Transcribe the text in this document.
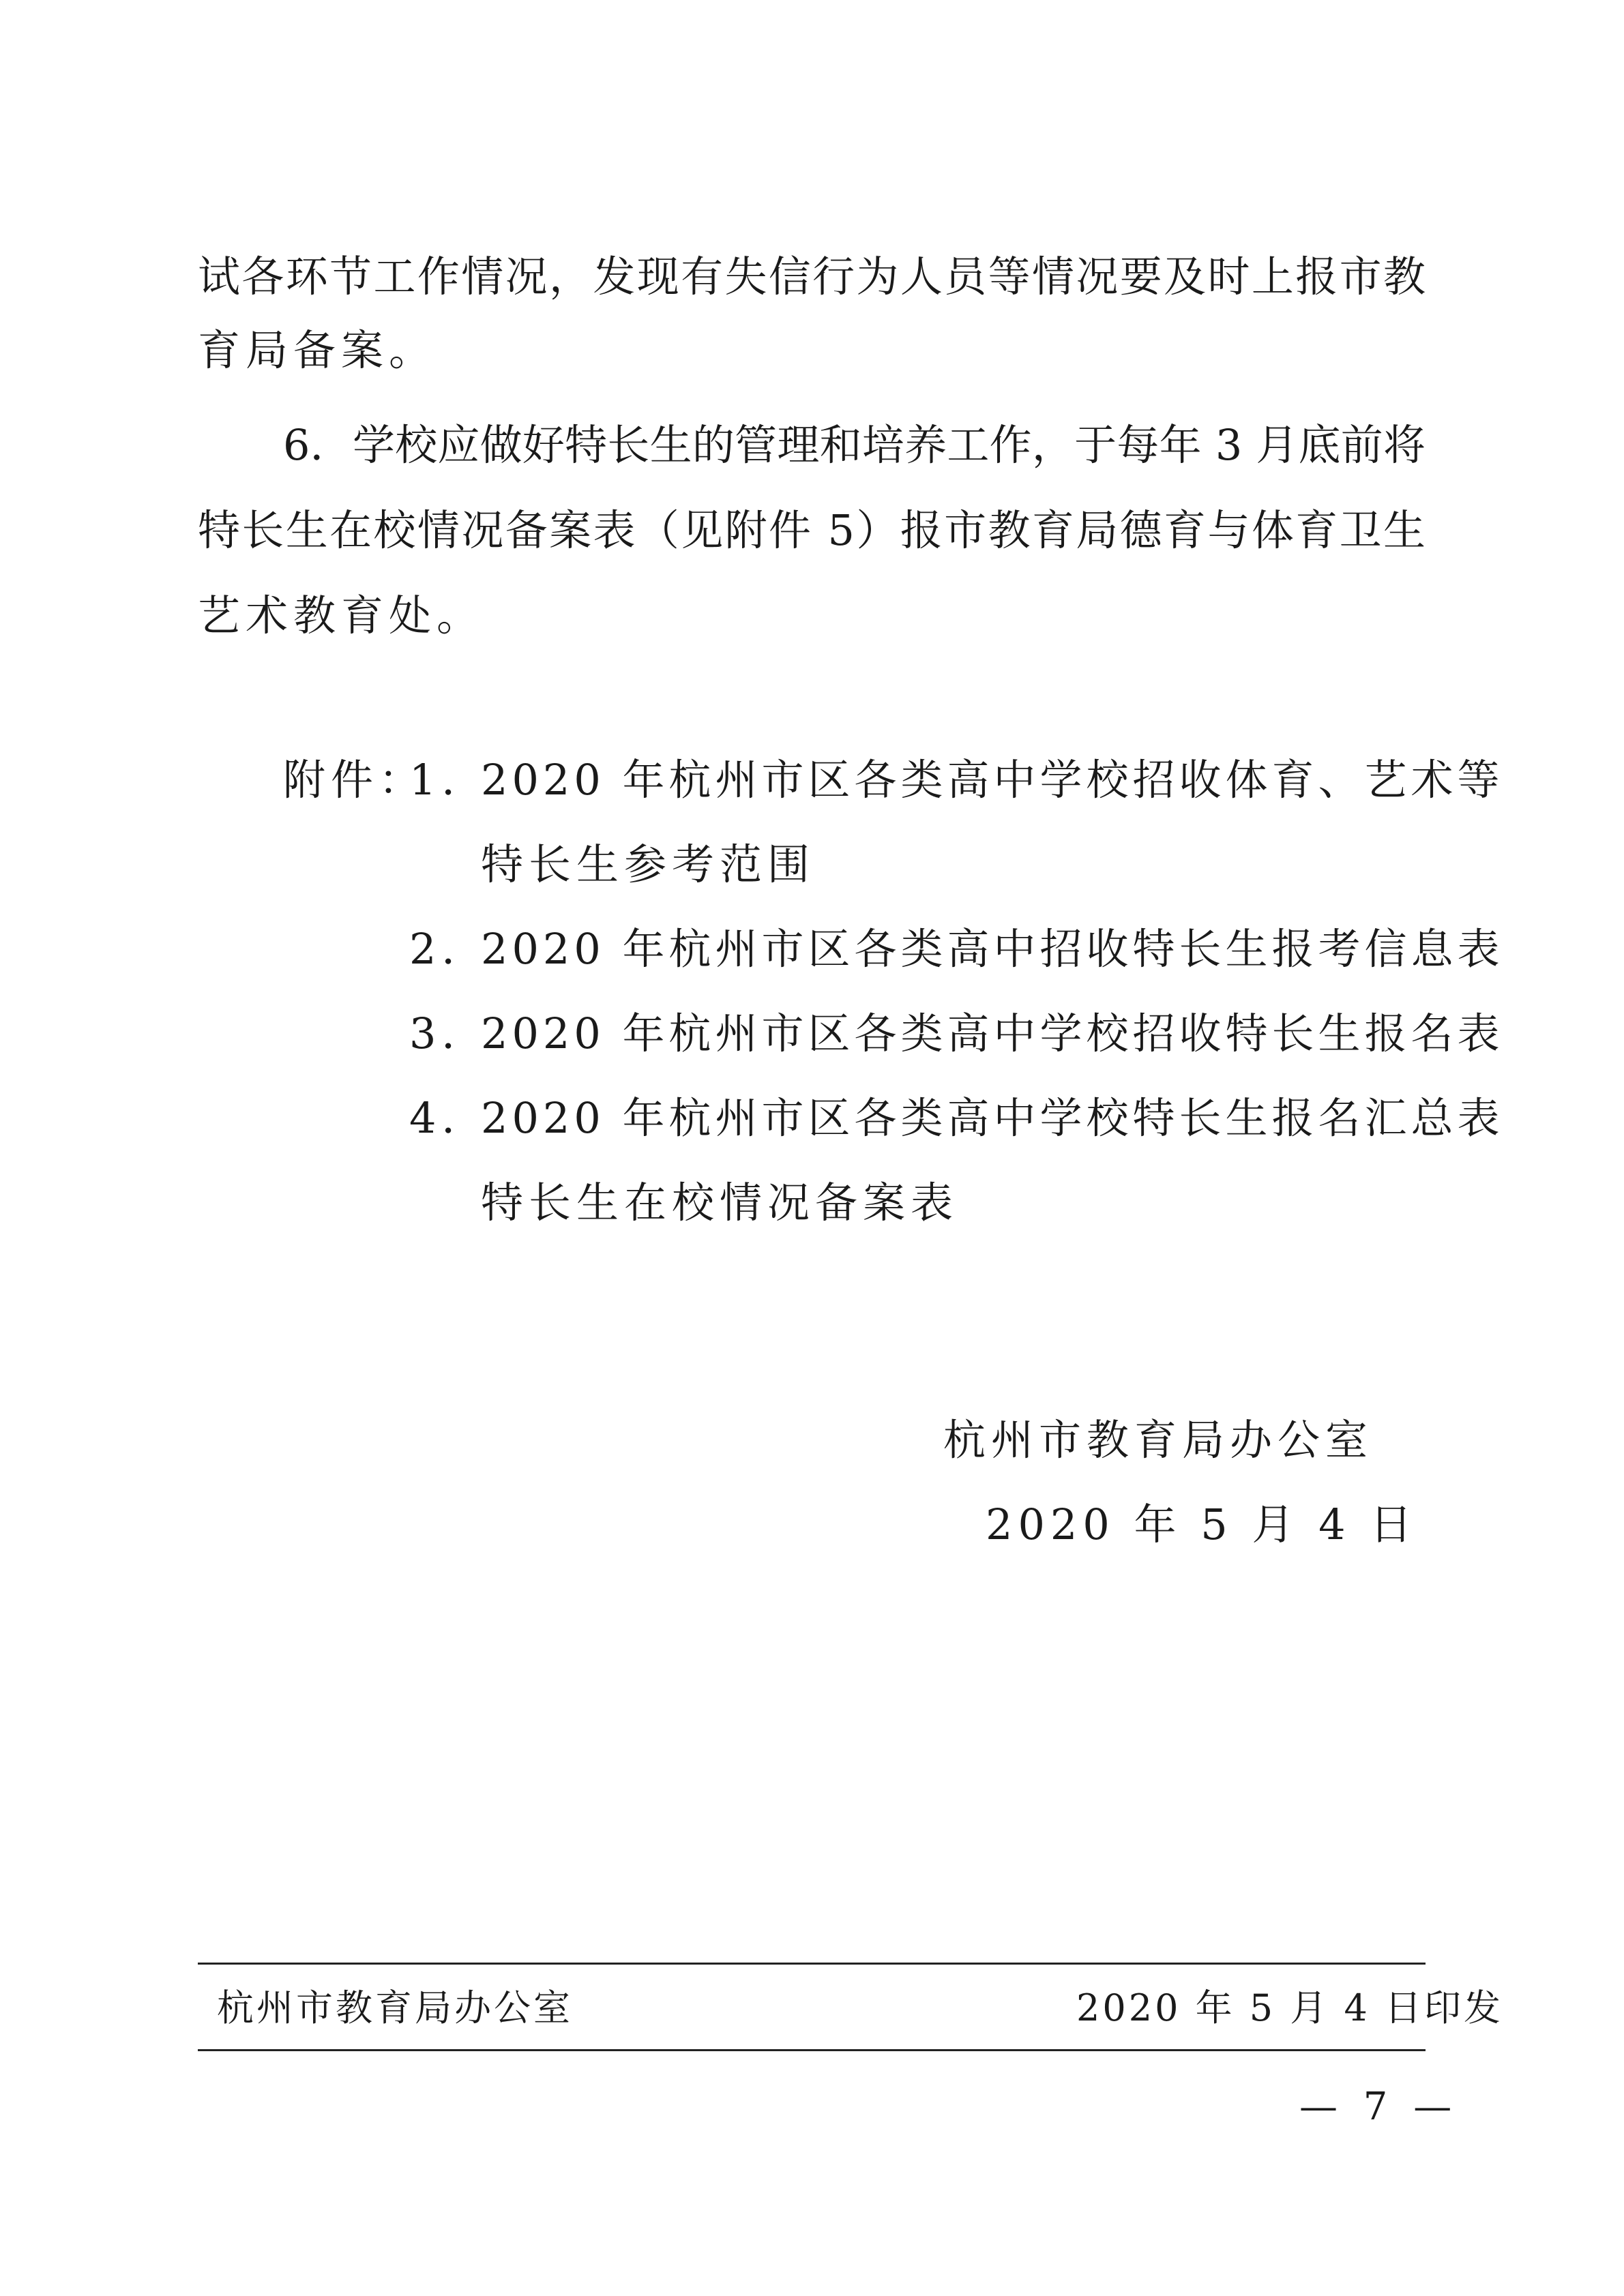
试各环节工作情况，发现有失信行为人员等情况要及时上报市教
育局备案。
6．学校应做好特长生的管理和培养工作，于每年 3 月底前将
特长生在校情况备案表（见附件 5）报市教育局德育与体育卫生
艺术教育处。
附件：
1．
2020 年杭州市区各类高中学校招收体育、艺术等
特长生参考范围
2．
2020 年杭州市区各类高中招收特长生报考信息表
3．
2020 年杭州市区各类高中学校招收特长生报名表
4．
2020 年杭州市区各类高中学校特长生报名汇总表
特长生在校情况备案表
杭州市教育局办公室
2020 年 5 月 4 日
杭州市教育局办公室	2020 年 5 月 4 日印发
— 7 —
